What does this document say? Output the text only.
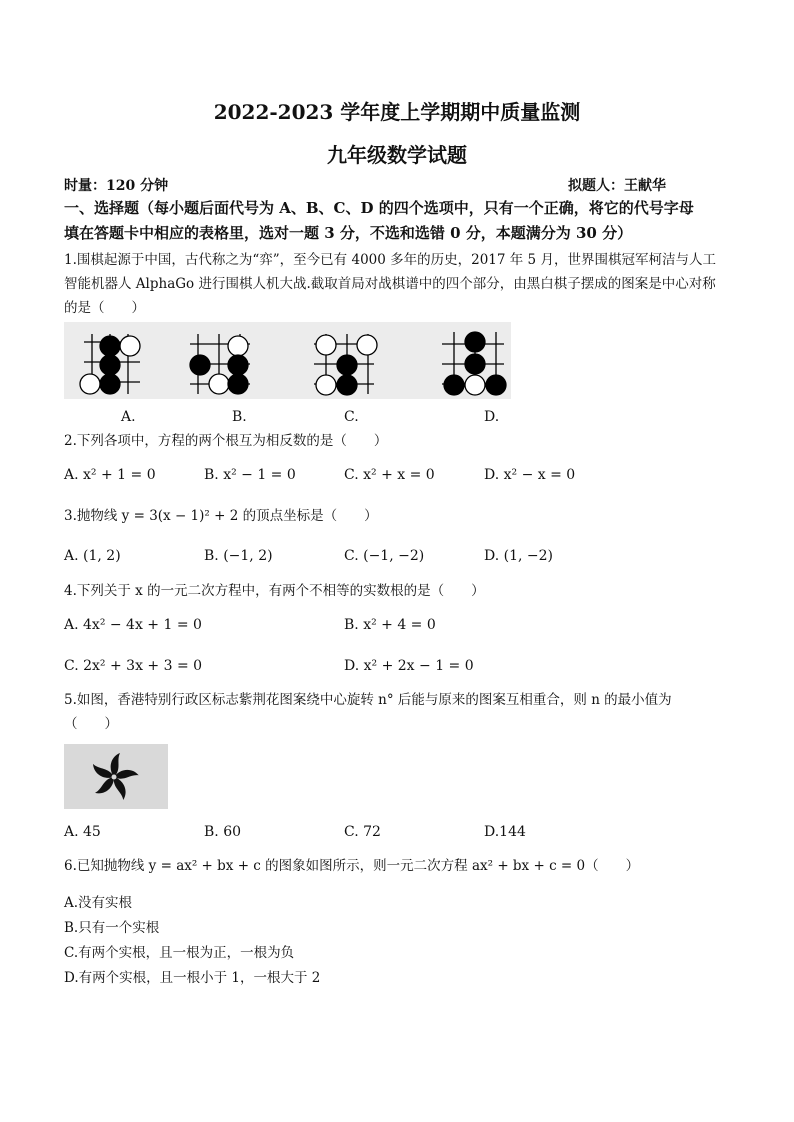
2022-2023 学年度上学期期中质量监测
九年级数学试题
时量：120 分钟	拟题人：王献华
一、选择题（每小题后面代号为 A、B、C、D 的四个选项中，只有一个正确，将它的代号字母
填在答题卡中相应的表格里，选对一题 3 分，不选和选错 0 分，本题满分为 30 分）
1.围棋起源于中国，古代称之为“弈”，至今已有 4000 多年的历史，2017 年 5 月，世界围棋冠军柯洁与人工
智能机器人 AlphaGo 进行围棋人机大战.截取首局对战棋谱中的四个部分，由黑白棋子摆成的图案是中心对称
的是（　　）
A.	B.	C.	D.
2.下列各项中，方程的两个根互为相反数的是（　　）
A. x² + 1 = 0	B. x² − 1 = 0	C. x² + x = 0	D. x² − x = 0
3.抛物线 y = 3(x − 1)² + 2 的顶点坐标是（　　）
A. (1, 2)	B. (−1, 2)	C. (−1, −2)	D. (1, −2)
4.下列关于 x 的一元二次方程中，有两个不相等的实数根的是（　　）
A. 4x² − 4x + 1 = 0	B. x² + 4 = 0
C. 2x² + 3x + 3 = 0	D. x² + 2x − 1 = 0
5.如图，香港特别行政区标志紫荆花图案绕中心旋转 n° 后能与原来的图案互相重合，则 n 的最小值为
（　　）
A. 45	B. 60	C. 72	D.144
6.已知抛物线 y = ax² + bx + c 的图象如图所示，则一元二次方程 ax² + bx + c = 0（　　）
A.没有实根
B.只有一个实根
C.有两个实根，且一根为正，一根为负
D.有两个实根，且一根小于 1，一根大于 2
